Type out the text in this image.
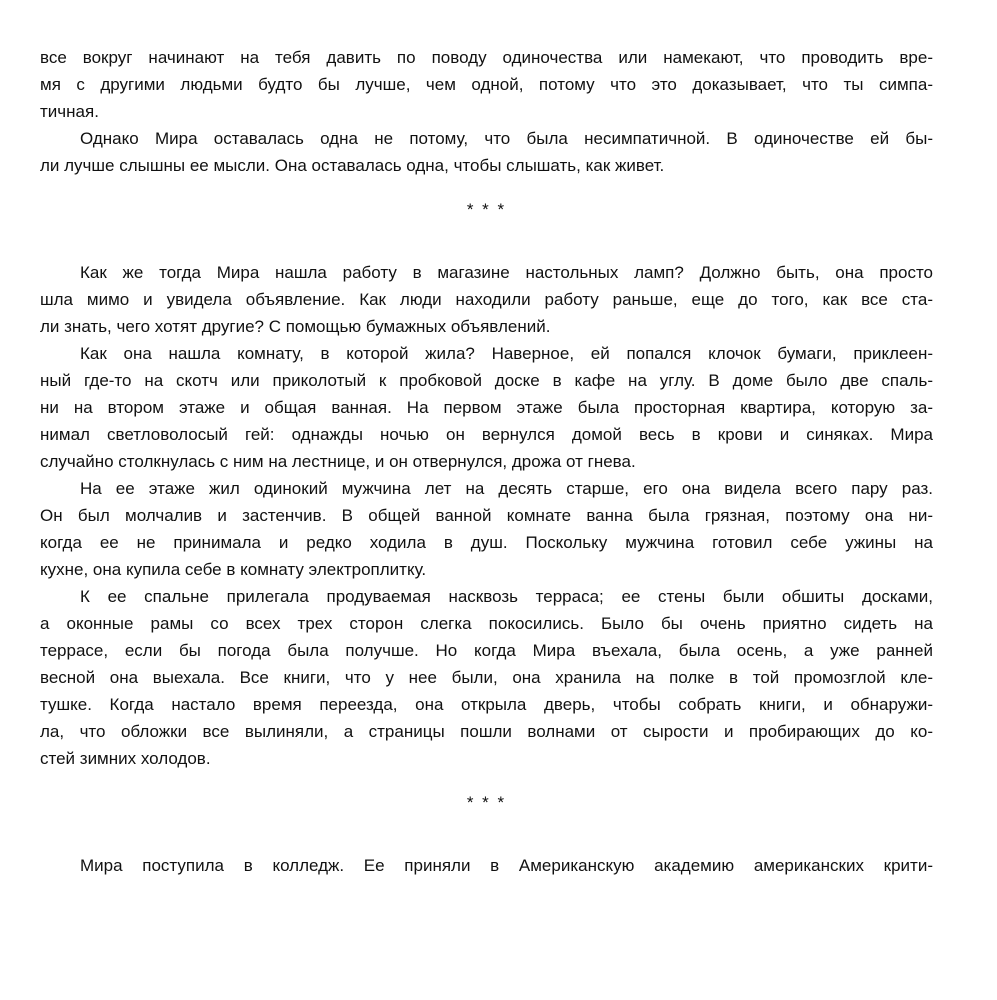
все вокруг начинают на тебя давить по поводу одиночества или намекают, что проводить вре-
мя с другими людьми будто бы лучше, чем одной, потому что это доказывает, что ты симпа-
тичная.
Однако Мира оставалась одна не потому, что была несимпатичной. В одиночестве ей бы-
ли лучше слышны ее мысли. Она оставалась одна, чтобы слышать, как живет.
* * *
Как же тогда Мира нашла работу в магазине настольных ламп? Должно быть, она просто
шла мимо и увидела объявление. Как люди находили работу раньше, еще до того, как все ста-
ли знать, чего хотят другие? С помощью бумажных объявлений.
Как она нашла комнату, в которой жила? Наверное, ей попался клочок бумаги, приклеен-
ный где-то на скотч или приколотый к пробковой доске в кафе на углу. В доме было две спаль-
ни на втором этаже и общая ванная. На первом этаже была просторная квартира, которую за-
нимал светловолосый гей: однажды ночью он вернулся домой весь в крови и синяках. Мира
случайно столкнулась с ним на лестнице, и он отвернулся, дрожа от гнева.
На ее этаже жил одинокий мужчина лет на десять старше, его она видела всего пару раз.
Он был молчалив и застенчив. В общей ванной комнате ванна была грязная, поэтому она ни-
когда ее не принимала и редко ходила в душ. Поскольку мужчина готовил себе ужины на
кухне, она купила себе в комнату электроплитку.
К ее спальне прилегала продуваемая насквозь терраса; ее стены были обшиты досками,
а оконные рамы со всех трех сторон слегка покосились. Было бы очень приятно сидеть на
террасе, если бы погода была получше. Но когда Мира въехала, была осень, а уже ранней
весной она выехала. Все книги, что у нее были, она хранила на полке в той промозглой кле-
тушке. Когда настало время переезда, она открыла дверь, чтобы собрать книги, и обнаружи-
ла, что обложки все вылиняли, а страницы пошли волнами от сырости и пробирающих до ко-
стей зимних холодов.
* * *
Мира поступила в колледж. Ее приняли в Американскую академию американских крити-
